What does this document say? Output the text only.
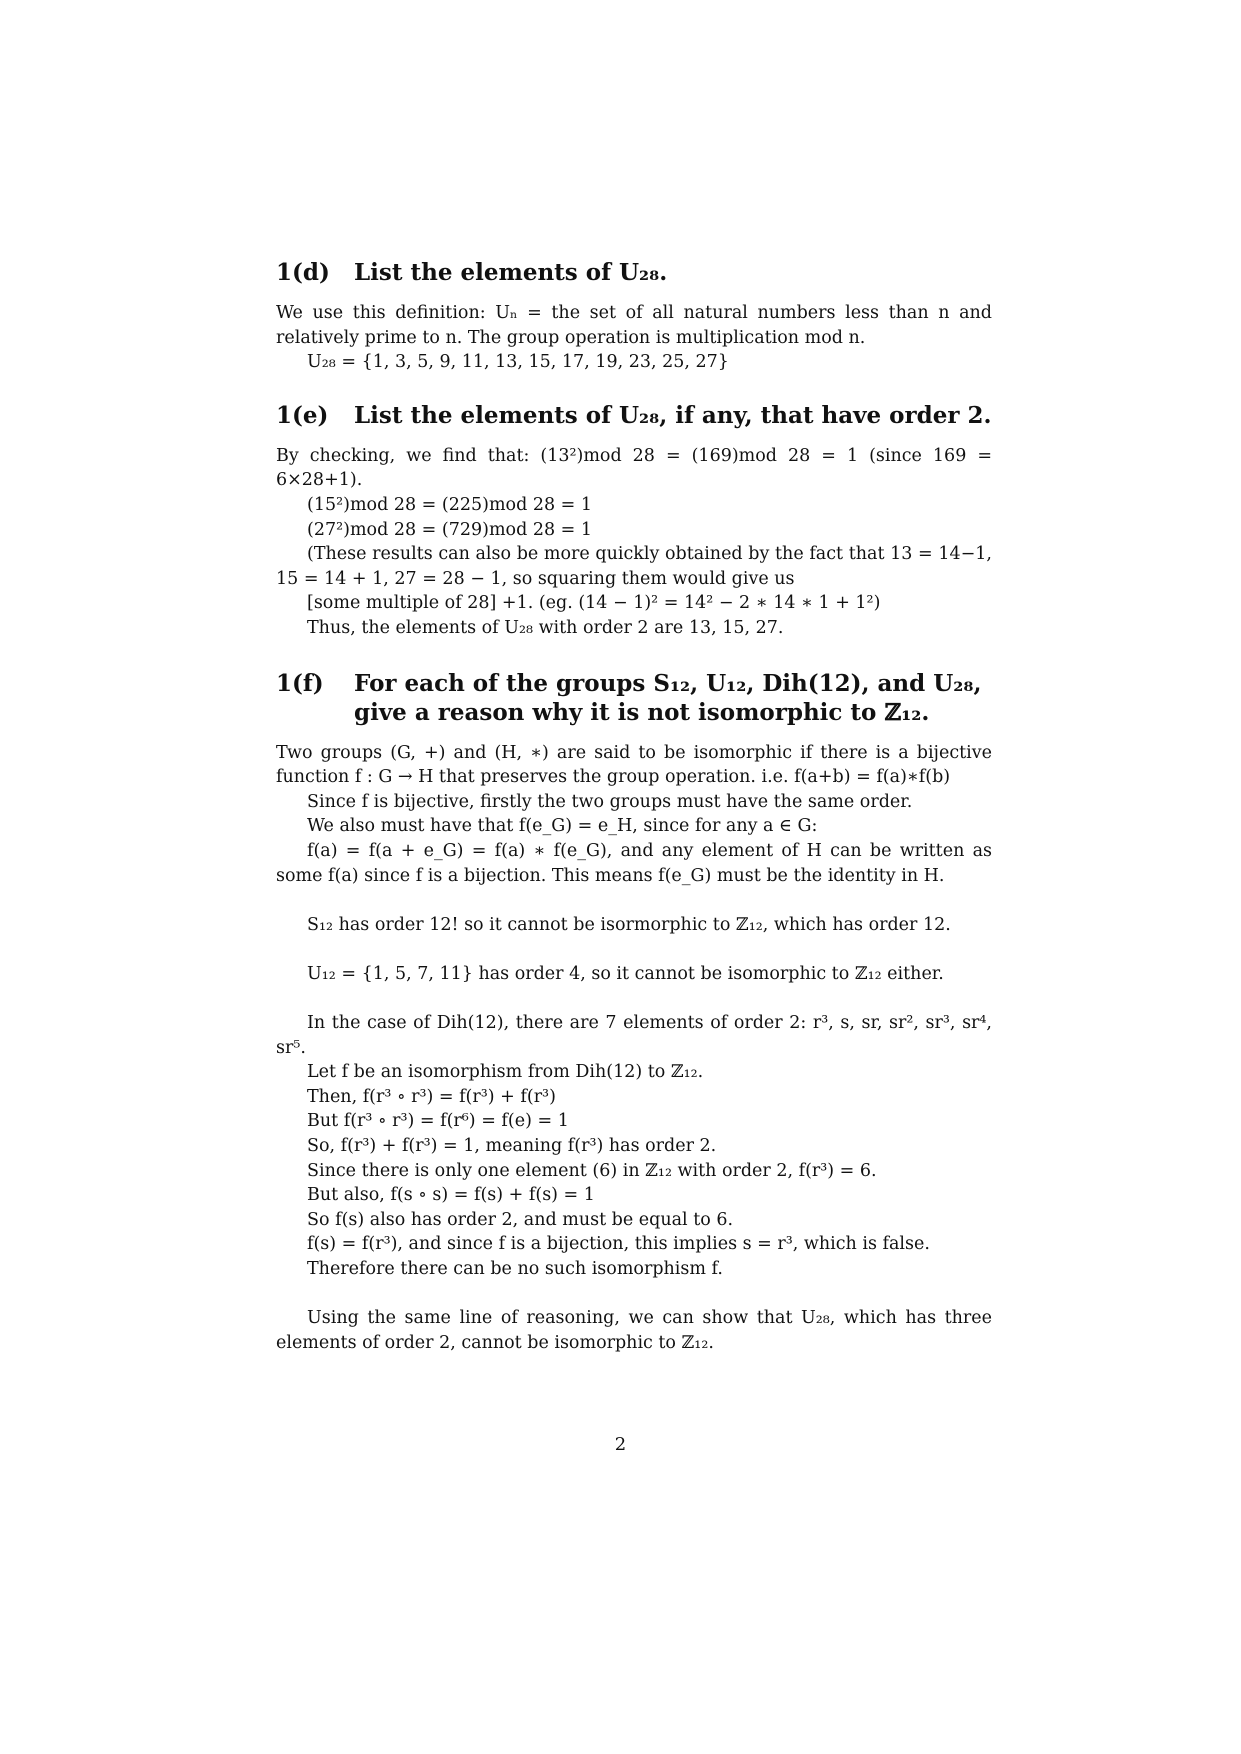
1(d)	List the elements of U₂₈.

We use this definition: Uₙ = the set of all natural numbers less than n and relatively prime to n. The group operation is multiplication mod n.

U₂₈ = {1, 3, 5, 9, 11, 13, 15, 17, 19, 23, 25, 27}

1(e)	List the elements of U₂₈, if any, that have order 2.

By checking, we find that: (13²)mod 28 = (169)mod 28 = 1 (since 169 = 6×28+1).

(15²)mod 28 = (225)mod 28 = 1

(27²)mod 28 = (729)mod 28 = 1

(These results can also be more quickly obtained by the fact that 13 = 14−1, 15 = 14 + 1, 27 = 28 − 1, so squaring them would give us

[some multiple of 28] +1. (eg. (14 − 1)² = 14² − 2 ∗ 14 ∗ 1 + 1²)

Thus, the elements of U₂₈ with order 2 are 13, 15, 27.

1(f)	For each of the groups S₁₂, U₁₂, Dih(12), and U₂₈, give a reason why it is not isomorphic to ℤ₁₂.

Two groups (G, +) and (H, ∗) are said to be isomorphic if there is a bijective function f : G → H that preserves the group operation. i.e. f(a+b) = f(a)∗f(b)

Since f is bijective, firstly the two groups must have the same order.

We also must have that f(e_G) = e_H, since for any a ∈ G:

f(a) = f(a + e_G) = f(a) ∗ f(e_G), and any element of H can be written as some f(a) since f is a bijection. This means f(e_G) must be the identity in H.

S₁₂ has order 12! so it cannot be isormorphic to ℤ₁₂, which has order 12.

U₁₂ = {1, 5, 7, 11} has order 4, so it cannot be isomorphic to ℤ₁₂ either.

In the case of Dih(12), there are 7 elements of order 2: r³, s, sr, sr², sr³, sr⁴, sr⁵.

Let f be an isomorphism from Dih(12) to ℤ₁₂.

Then, f(r³ ∘ r³) = f(r³) + f(r³)

But f(r³ ∘ r³) = f(r⁶) = f(e) = 1

So, f(r³) + f(r³) = 1, meaning f(r³) has order 2.

Since there is only one element (6) in ℤ₁₂ with order 2, f(r³) = 6.

But also, f(s ∘ s) = f(s) + f(s) = 1

So f(s) also has order 2, and must be equal to 6.

f(s) = f(r³), and since f is a bijection, this implies s = r³, which is false.

Therefore there can be no such isomorphism f.

Using the same line of reasoning, we can show that U₂₈, which has three elements of order 2, cannot be isomorphic to ℤ₁₂.

2
